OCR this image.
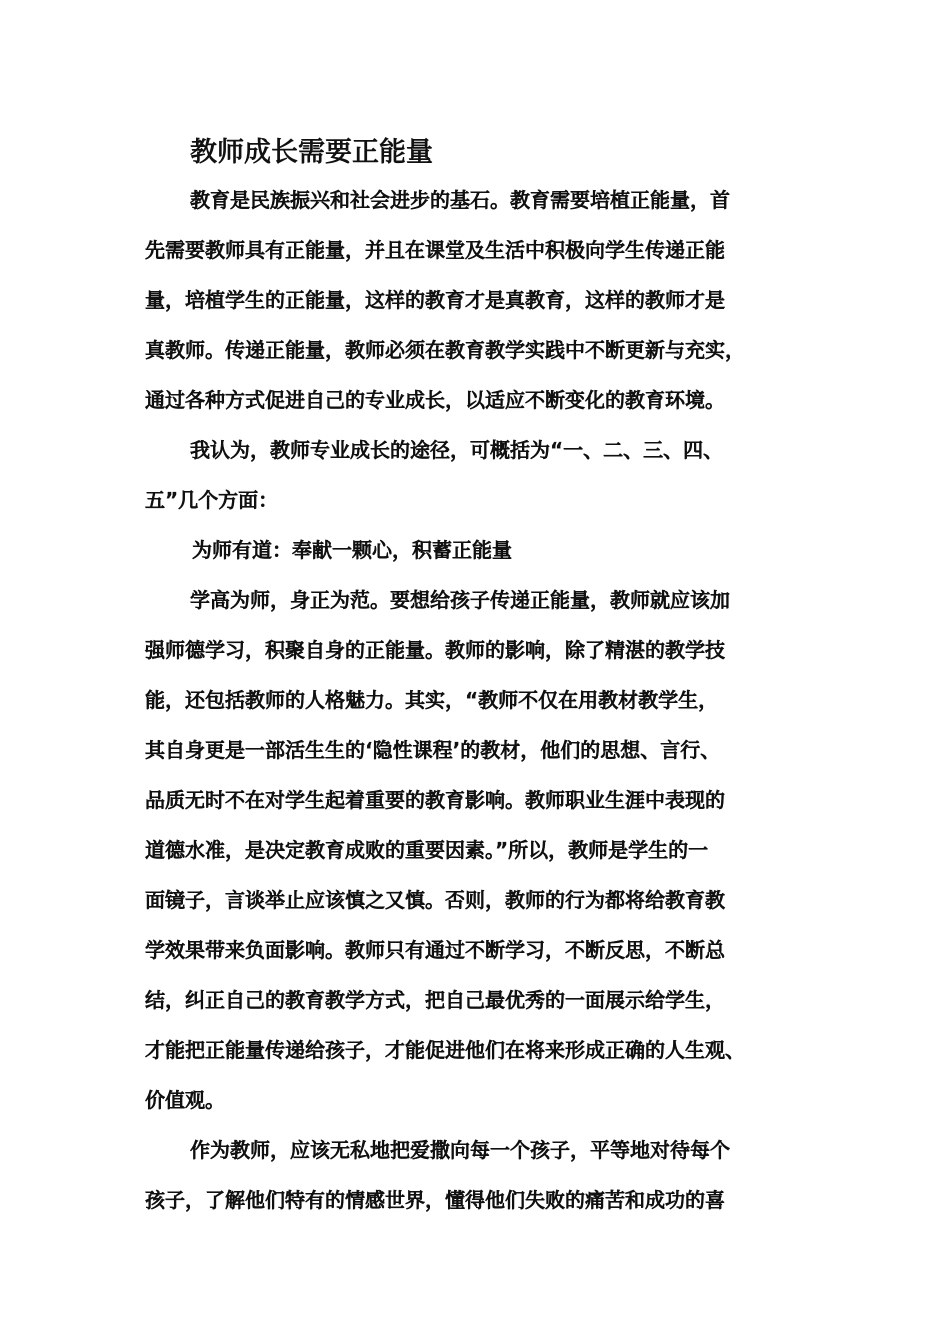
教师成长需要正能量

教育是民族振兴和社会进步的基石。教育需要培植正能量，首

先需要教师具有正能量，并且在课堂及生活中积极向学生传递正能

量，培植学生的正能量，这样的教育才是真教育，这样的教师才是

真教师。传递正能量，教师必须在教育教学实践中不断更新与充实，

通过各种方式促进自己的专业成长，以适应不断变化的教育环境。

我认为，教师专业成长的途径，可概括为“一、二、三、四、

五”几个方面：

为师有道：奉献一颗心，积蓄正能量

学高为师，身正为范。要想给孩子传递正能量，教师就应该加

强师德学习，积聚自身的正能量。教师的影响，除了精湛的教学技

能，还包括教师的人格魅力。其实，“教师不仅在用教材教学生，

其自身更是一部活生生的‘隐性课程’的教材，他们的思想、言行、

品质无时不在对学生起着重要的教育影响。教师职业生涯中表现的

道德水准，是决定教育成败的重要因素。”所以，教师是学生的一

面镜子，言谈举止应该慎之又慎。否则，教师的行为都将给教育教

学效果带来负面影响。教师只有通过不断学习，不断反思，不断总

结，纠正自己的教育教学方式，把自己最优秀的一面展示给学生，

才能把正能量传递给孩子，才能促进他们在将来形成正确的人生观、

价值观。

作为教师，应该无私地把爱撒向每一个孩子，平等地对待每个

孩子，了解他们特有的情感世界，懂得他们失败的痛苦和成功的喜
